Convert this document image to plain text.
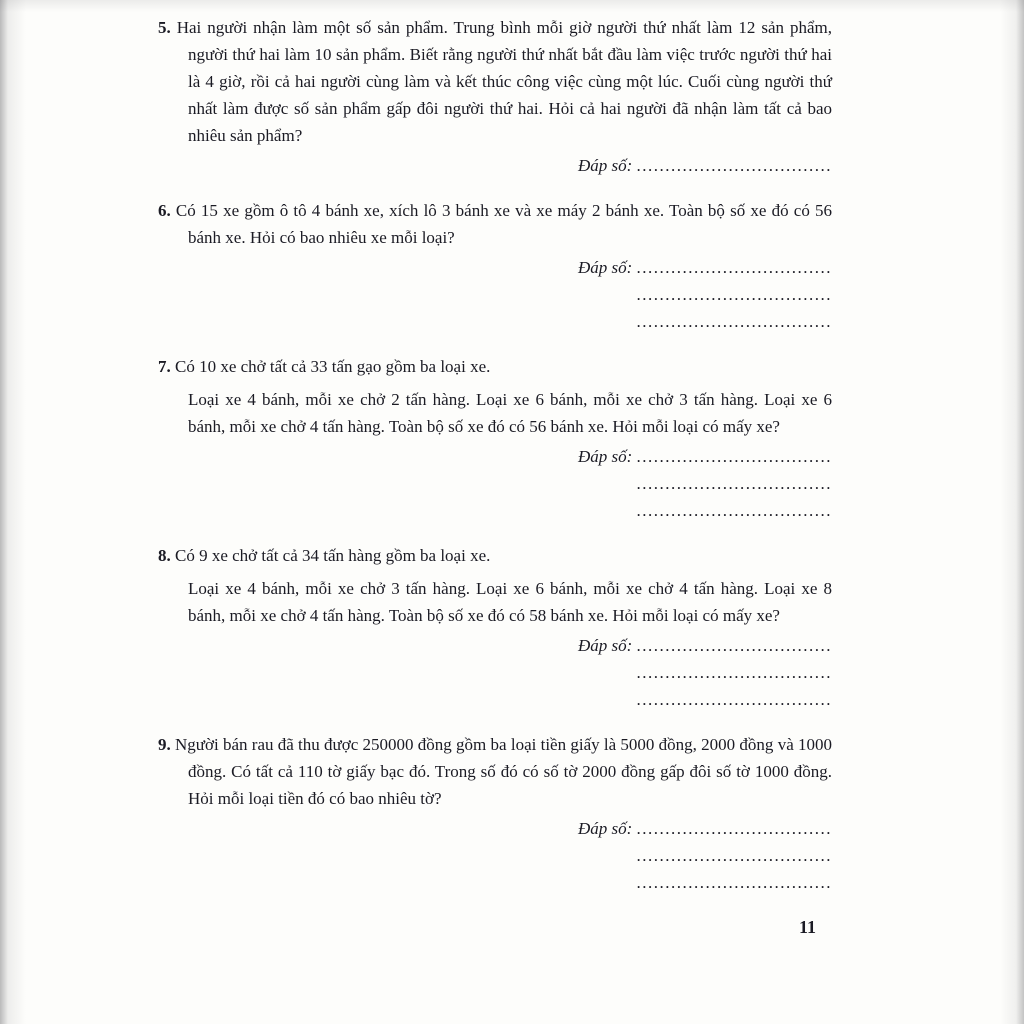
5. Hai người nhận làm một số sản phẩm. Trung bình mỗi giờ người thứ nhất làm 12 sản phẩm, người thứ hai làm 10 sản phẩm. Biết rằng người thứ nhất bắt đầu làm việc trước người thứ hai là 4 giờ, rồi cả hai người cùng làm và kết thúc công việc cùng một lúc. Cuối cùng người thứ nhất làm được số sản phẩm gấp đôi người thứ hai. Hỏi cả hai người đã nhận làm tất cả bao nhiêu sản phẩm?
Đáp số: ..................................
6. Có 15 xe gồm ô tô 4 bánh xe, xích lô 3 bánh xe và xe máy 2 bánh xe. Toàn bộ số xe đó có 56 bánh xe. Hỏi có bao nhiêu xe mỗi loại?
Đáp số: ..................................
..................................
..................................
7. Có 10 xe chở tất cả 33 tấn gạo gồm ba loại xe.
Loại xe 4 bánh, mỗi xe chở 2 tấn hàng. Loại xe 6 bánh, mỗi xe chở 3 tấn hàng. Loại xe 6 bánh, mỗi xe chở 4 tấn hàng. Toàn bộ số xe đó có 56 bánh xe. Hỏi mỗi loại có mấy xe?
Đáp số: ..................................
..................................
..................................
8. Có 9 xe chở tất cả 34 tấn hàng gồm ba loại xe.
Loại xe 4 bánh, mỗi xe chở 3 tấn hàng. Loại xe 6 bánh, mỗi xe chở 4 tấn hàng. Loại xe 8 bánh, mỗi xe chở 4 tấn hàng. Toàn bộ số xe đó có 58 bánh xe. Hỏi mỗi loại có mấy xe?
Đáp số: ..................................
..................................
..................................
9. Người bán rau đã thu được 250000 đồng gồm ba loại tiền giấy là 5000 đồng, 2000 đồng và 1000 đồng. Có tất cả 110 tờ giấy bạc đó. Trong số đó có số tờ 2000 đồng gấp đôi số tờ 1000 đồng. Hỏi mỗi loại tiền đó có bao nhiêu tờ?
Đáp số: ..................................
..................................
..................................
11
